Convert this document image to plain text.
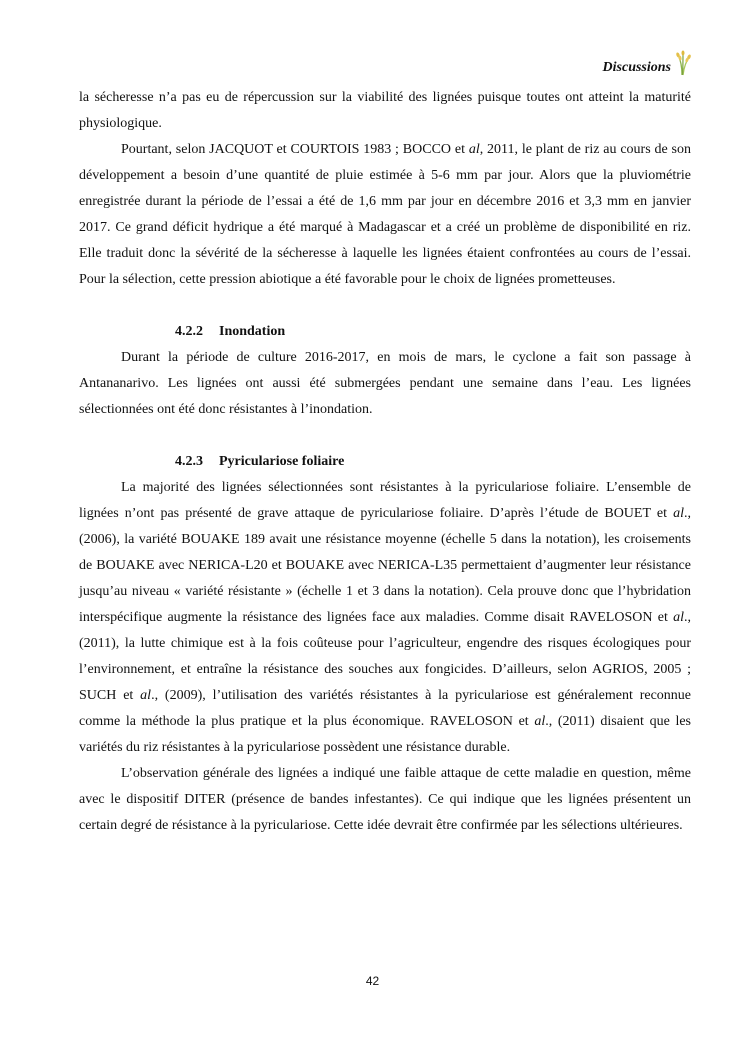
Discussions

la sécheresse n’a pas eu de répercussion sur la viabilité des lignées puisque toutes ont atteint la maturité physiologique.

Pourtant, selon JACQUOT et COURTOIS 1983 ; BOCCO et al, 2011, le plant de riz au cours de son développement a besoin d’une quantité de pluie estimée à 5-6 mm par jour. Alors que la pluviométrie enregistrée durant la période de l’essai a été de 1,6 mm par jour en décembre 2016 et 3,3 mm en janvier 2017. Ce grand déficit hydrique a été marqué à Madagascar et a créé un problème de disponibilité en riz. Elle traduit donc la sévérité de la sécheresse à laquelle les lignées étaient confrontées au cours de l’essai. Pour la sélection, cette pression abiotique a été favorable pour le choix de lignées prometteuses.

4.2.2 Inondation

Durant la période de culture 2016-2017, en mois de mars, le cyclone a fait son passage à Antananarivo. Les lignées ont aussi été submergées pendant une semaine dans l’eau. Les lignées sélectionnées ont été donc résistantes à l’inondation.

4.2.3 Pyriculariose foliaire

La majorité des lignées sélectionnées sont résistantes à la pyriculariose foliaire. L’ensemble de lignées n’ont pas présenté de grave attaque de pyriculariose foliaire. D’après l’étude de BOUET et al., (2006), la variété BOUAKE 189 avait une résistance moyenne (échelle 5 dans la notation), les croisements de BOUAKE avec NERICA-L20 et BOUAKE avec NERICA-L35 permettaient d’augmenter leur résistance jusqu’au niveau « variété résistante » (échelle 1 et 3 dans la notation). Cela prouve donc que l’hybridation interspécifique augmente la résistance des lignées face aux maladies. Comme disait RAVELOSON et al., (2011), la lutte chimique est à la fois coûteuse pour l’agriculteur, engendre des risques écologiques pour l’environnement, et entraîne la résistance des souches aux fongicides. D’ailleurs, selon AGRIOS, 2005 ; SUCH et al., (2009), l’utilisation des variétés résistantes à la pyriculariose est généralement reconnue comme la méthode la plus pratique et la plus économique. RAVELOSON et al., (2011) disaient que les variétés du riz résistantes à la pyriculariose possèdent une résistance durable.

L’observation générale des lignées a indiqué une faible attaque de cette maladie en question, même avec le dispositif DITER (présence de bandes infestantes). Ce qui indique que les lignées présentent un certain degré de résistance à la pyriculariose. Cette idée devrait être confirmée par les sélections ultérieures.

42
